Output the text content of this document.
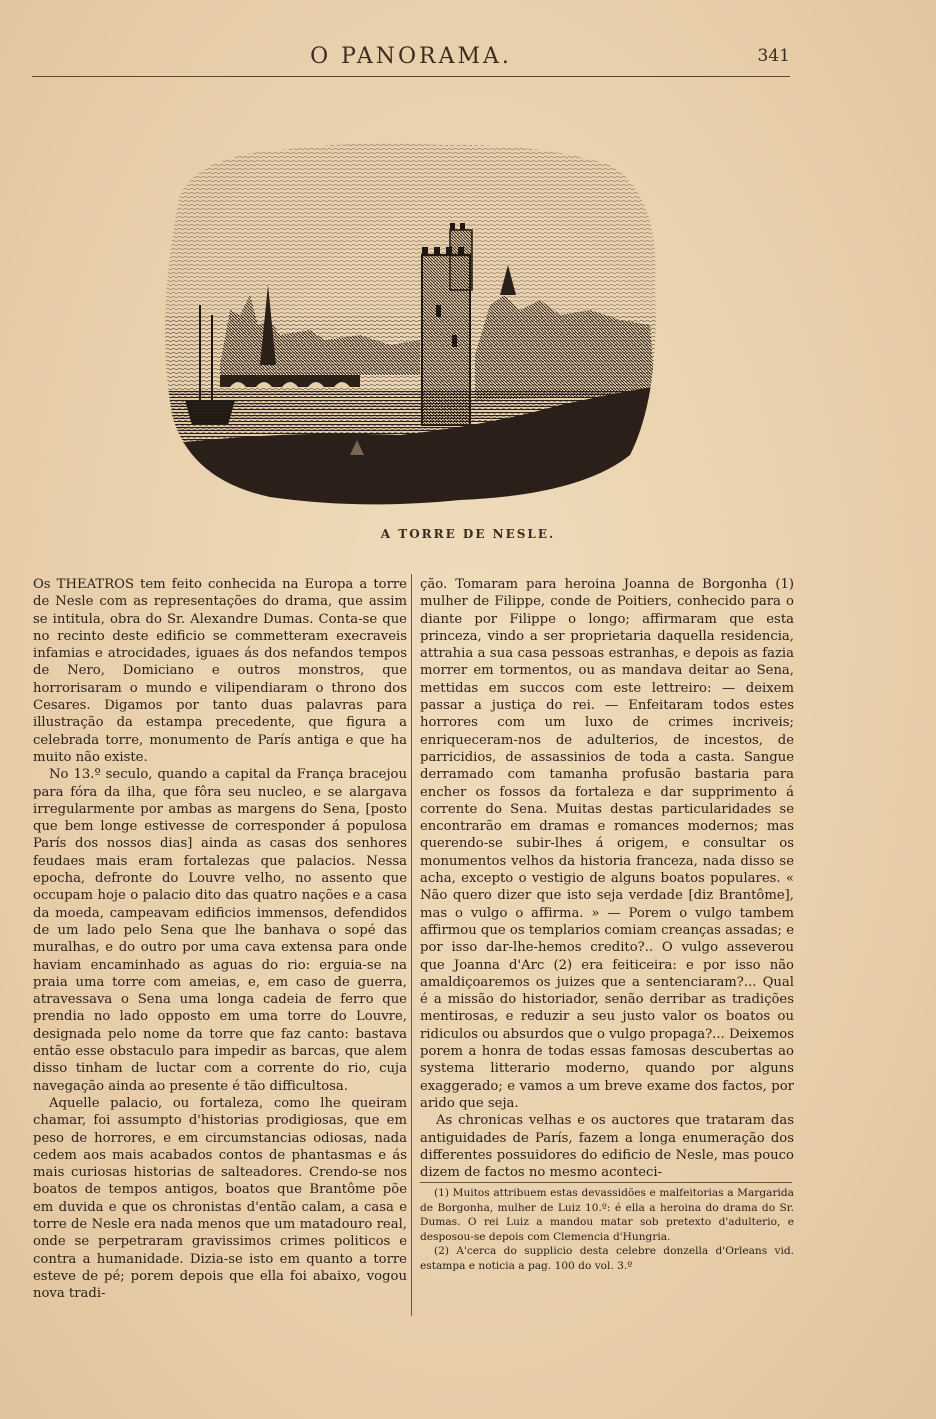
O PANORAMA.	341
A TORRE DE NESLE.

Os THEATROS tem feito conhecida na Europa a torre de Nesle com as representações do drama, que assim se intitula, obra do Sr. Alexandre Dumas. Conta-se que no recinto deste edificio se commetteram execraveis infamias e atrocidades, iguaes ás dos nefandos tempos de Nero, Domiciano e outros monstros, que horrorisaram o mundo e vilipendiaram o throno dos Cesares. Digamos por tanto duas palavras para illustração da estampa precedente, que figura a celebrada torre, monumento de París antiga e que ha muito não existe.

No 13.º seculo, quando a capital da França bracejou para fóra da ilha, que fôra seu nucleo, e se alargava irregularmente por ambas as margens do Sena, [posto que bem longe estivesse de corresponder á populosa París dos nossos dias] ainda as casas dos senhores feudaes mais eram fortalezas que palacios. Nessa epocha, defronte do Louvre velho, no assento que occupam hoje o palacio dito das quatro nações e a casa da moeda, campeavam edificios immensos, defendidos de um lado pelo Sena que lhe banhava o sopé das muralhas, e do outro por uma cava extensa para onde haviam encaminhado as aguas do rio: erguia-se na praia uma torre com ameias, e, em caso de guerra, atravessava o Sena uma longa cadeia de ferro que prendia no lado opposto em uma torre do Louvre, designada pelo nome da torre que faz canto: bastava então esse obstaculo para impedir as barcas, que alem disso tinham de luctar com a corrente do rio, cuja navegação ainda ao presente é tão difficultosa.

Aquelle palacio, ou fortaleza, como lhe queiram chamar, foi assumpto d'historias prodigiosas, que em peso de horrores, e em circumstancias odiosas, nada cedem aos mais acabados contos de phantasmas e ás mais curiosas historias de salteadores. Crendo-se nos boatos de tempos antigos, boatos que Brantôme põe em duvida e que os chronistas d'então calam, a casa e torre de Nesle era nada menos que um matadouro real, onde se perpetraram gravissimos crimes politicos e contra a humanidade. Dizia-se isto em quanto a torre esteve de pé; porem depois que ella foi abaixo, vogou nova tradi-

ção. Tomaram para heroina Joanna de Borgonha (1) mulher de Filippe, conde de Poitiers, conhecido para o diante por Filippe o longo; affirmaram que esta princeza, vindo a ser proprietaria daquella residencia, attrahia a sua casa pessoas estranhas, e depois as fazia morrer em tormentos, ou as mandava deitar ao Sena, mettidas em succos com este lettreiro: — deixem passar a justiça do rei. — Enfeitaram todos estes horrores com um luxo de crimes incriveis; enriqueceram-nos de adulterios, de incestos, de parricidios, de assassinios de toda a casta. Sangue derramado com tamanha profusão bastaria para encher os fossos da fortaleza e dar supprimento á corrente do Sena. Muitas destas particularidades se encontrarão em dramas e romances modernos; mas querendo-se subir-lhes á origem, e consultar os monumentos velhos da historia franceza, nada disso se acha, excepto o vestigio de alguns boatos populares. « Não quero dizer que isto seja verdade [diz Brantôme], mas o vulgo o affirma. » — Porem o vulgo tambem affirmou que os templarios comiam creanças assadas; e por isso dar-lhe-hemos credito?.. O vulgo asseverou que Joanna d'Arc (2) era feiticeira: e por isso não amaldiçoaremos os juizes que a sentenciaram?... Qual é a missão do historiador, senão derribar as tradições mentirosas, e reduzir a seu justo valor os boatos ou ridiculos ou absurdos que o vulgo propaga?... Deixemos porem a honra de todas essas famosas descubertas ao systema litterario moderno, quando por alguns exaggerado; e vamos a um breve exame dos factos, por arido que seja.

As chronicas velhas e os auctores que trataram das antiguidades de París, fazem a longa enumeração dos differentes possuidores do edificio de Nesle, mas pouco dizem de factos no mesmo aconteci-

(1) Muitos attribuem estas devassidões e malfeitorias a Margarida de Borgonha, mulher de Luiz 10.º: é ella a heroina do drama do Sr. Dumas. O rei Luiz a mandou matar sob pretexto d'adulterio, e desposou-se depois com Clemencia d'Hungria.

(2) A'cerca do supplicio desta celebre donzella d'Orleans vid. estampa e noticia a pag. 100 do vol. 3.º
